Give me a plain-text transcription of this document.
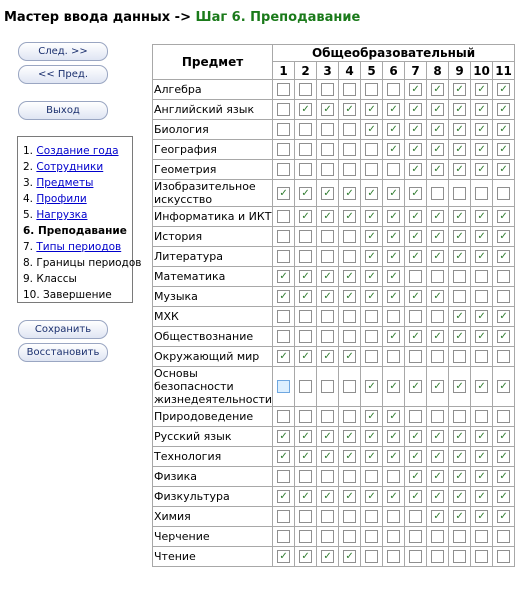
Мастер ввода данных -> Шаг 6. Преподавание
След. >>
<< Пред.
Выход
1. Создание года
2. Сотрудники
3. Предметы
4. Профили
5. Нагрузка
6. Преподавание
7. Типы периодов
8. Границы периодов
9. Классы
10. Завершение
Сохранить
Восстановить
Предмет	Общеобразовательный										
	1	2	3	4	5	6	7	8	9	10	11
Алгебра							✓	✓	✓	✓	✓
Английский язык		✓	✓	✓	✓	✓	✓	✓	✓	✓	✓
Биология					✓	✓	✓	✓	✓	✓	✓
География						✓	✓	✓	✓	✓	✓
Геометрия							✓	✓	✓	✓	✓
Изобразительное искусство	✓	✓	✓	✓	✓	✓	✓				
Информатика и ИКТ		✓	✓	✓	✓	✓	✓	✓	✓	✓	✓
История					✓	✓	✓	✓	✓	✓	✓
Литература					✓	✓	✓	✓	✓	✓	✓
Математика	✓	✓	✓	✓	✓	✓					
Музыка	✓	✓	✓	✓	✓	✓	✓	✓			
МХК									✓	✓	✓
Обществознание						✓	✓	✓	✓	✓	✓
Окружающий мир	✓	✓	✓	✓							
Основы безопасности жизнедеятельности					✓	✓	✓	✓	✓	✓	✓
Природоведение					✓	✓					
Русский язык	✓	✓	✓	✓	✓	✓	✓	✓	✓	✓	✓
Технология	✓	✓	✓	✓	✓	✓	✓	✓	✓	✓	✓
Физика							✓	✓	✓	✓	✓
Физкультура	✓	✓	✓	✓	✓	✓	✓	✓	✓	✓	✓
Химия								✓	✓	✓	✓
Черчение											
Чтение	✓	✓	✓	✓							
